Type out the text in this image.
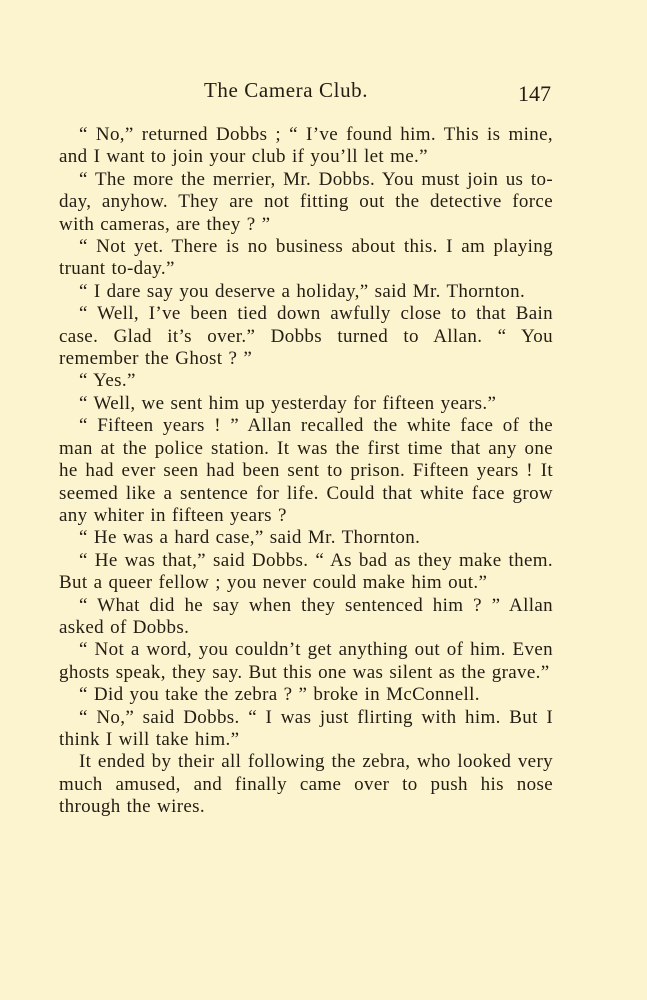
The Camera Club.	147

“ No,” returned Dobbs ; “ I’ve found him. This is mine, and I want to join your club if you’ll let me.”

“ The more the merrier, Mr. Dobbs. You must join us to-day, anyhow. They are not fitting out the detective force with cameras, are they ? ”

“ Not yet. There is no business about this. I am playing truant to-day.”

“ I dare say you deserve a holiday,” said Mr. Thornton.

“ Well, I’ve been tied down awfully close to that Bain case. Glad it’s over.” Dobbs turned to Allan. “ You remember the Ghost ? ”

“ Yes.”

“ Well, we sent him up yesterday for fifteen years.”

“ Fifteen years ! ” Allan recalled the white face of the man at the police station. It was the first time that any one he had ever seen had been sent to prison. Fifteen years ! It seemed like a sentence for life. Could that white face grow any whiter in fifteen years ?

“ He was a hard case,” said Mr. Thornton.

“ He was that,” said Dobbs. “ As bad as they make them. But a queer fellow ; you never could make him out.”

“ What did he say when they sentenced him ? ” Allan asked of Dobbs.

“ Not a word, you couldn’t get anything out of him. Even ghosts speak, they say. But this one was silent as the grave.”

“ Did you take the zebra ? ” broke in McConnell.

“ No,” said Dobbs. “ I was just flirting with him. But I think I will take him.”

It ended by their all following the zebra, who looked very much amused, and finally came over to push his nose through the wires.
